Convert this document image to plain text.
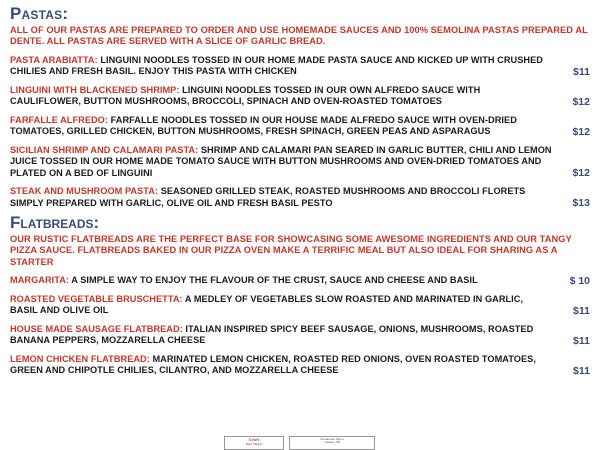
Pastas:
ALL OF OUR PASTAS ARE PREPARED TO ORDER AND USE HOMEMADE SAUCES AND 100% SEMOLINA PASTAS PREPARED AL DENTE. ALL PASTAS ARE SERVED WITH A SLICE OF GARLIC BREAD.
PASTA ARABIATTA: LINGUINI NOODLES TOSSED IN OUR HOME MADE PASTA SAUCE AND KICKED UP WITH CRUSHED CHILIES AND FRESH BASIL. ENJOY THIS PASTA WITH CHICKEN	$11
LINGUINI WITH BLACKENED SHRIMP: LINGUINI NOODLES TOSSED IN OUR OWN ALFREDO SAUCE WITH CAULIFLOWER, BUTTON MUSHROOMS, BROCCOLI, SPINACH AND OVEN-ROASTED TOMATOES	$12
FARFALLE ALFREDO: FARFALLE NOODLES TOSSED IN OUR HOUSE MADE ALFREDO SAUCE WITH OVEN-DRIED TOMATOES, GRILLED CHICKEN, BUTTON MUSHROOMS, FRESH SPINACH, GREEN PEAS AND ASPARAGUS	$12
SICILIAN SHRIMP AND CALAMARI PASTA: SHRIMP AND CALAMARI PAN SEARED IN GARLIC BUTTER, CHILI AND LEMON JUICE TOSSED IN OUR HOME MADE TOMATO SAUCE WITH BUTTON MUSHROOMS AND OVEN-DRIED TOMATOES AND PLATED ON A BED OF LINGUINI	$12
STEAK AND MUSHROOM PASTA: SEASONED GRILLED STEAK, ROASTED MUSHROOMS AND BROCCOLI FLORETS SIMPLY PREPARED WITH GARLIC, OLIVE OIL AND FRESH BASIL PESTO	$13
Flatbreads:
OUR RUSTIC FLATBREADS ARE THE PERFECT BASE FOR SHOWCASING SOME AWESOME INGREDIENTS AND OUR TANGY PIZZA SAUCE. FLATBREADS BAKED IN OUR PIZZA OVEN MAKE A TERRIFIC MEAL BUT ALSO IDEAL FOR SHARING AS A STARTER
MARGARITA: A SIMPLE WAY TO ENJOY THE FLAVOUR OF THE CRUST, SAUCE AND CHEESE AND BASIL	$ 10
ROASTED VEGETABLE BRUSCHETTA: A MEDLEY OF VEGETABLES SLOW ROASTED AND MARINATED IN GARLIC, BASIL AND OLIVE OIL	$11
HOUSE MADE SAUSAGE FLATBREAD: ITALIAN INSPIRED SPICY BEEF SAUSAGE, ONIONS, MUSHROOMS, ROASTED BANANA PEPPERS, MOZZARELLA CHEESE	$11
LEMON CHICKEN FLATBREAD: MARINATED LEMON CHICKEN, ROASTED RED ONIONS, OVEN ROASTED TOMATOES, GREEN AND CHIPOTLE CHILIES, CILANTRO, AND MOZZARELLA CHEESE	$11
Craft
Beer Market
Restaurant Menu
Calgary, AB
